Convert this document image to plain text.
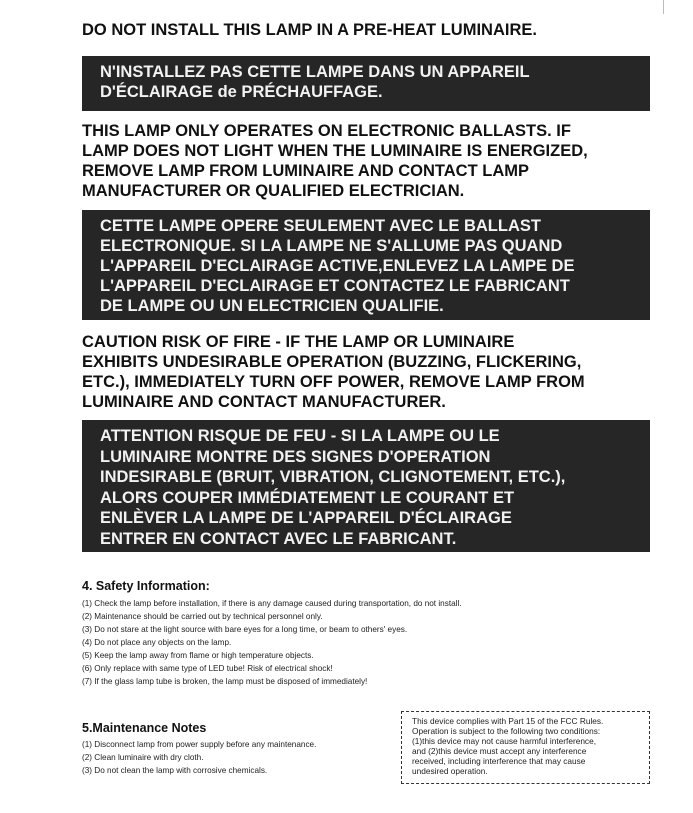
DO NOT INSTALL THIS LAMP IN A PRE-HEAT LUMINAIRE.

N'INSTALLEZ PAS CETTE LAMPE DANS UN APPAREIL
D'ÉCLAIRAGE de PRÉCHAUFFAGE.

THIS LAMP ONLY OPERATES ON ELECTRONIC BALLASTS. IF
LAMP DOES NOT LIGHT WHEN THE LUMINAIRE IS ENERGIZED,
REMOVE LAMP FROM LUMINAIRE AND CONTACT LAMP
MANUFACTURER OR QUALIFIED ELECTRICIAN.

CETTE LAMPE OPERE SEULEMENT AVEC LE BALLAST
ELECTRONIQUE. SI LA LAMPE NE S'ALLUME PAS QUAND
L'APPAREIL D'ECLAIRAGE ACTIVE,ENLEVEZ LA LAMPE DE
L'APPAREIL D'ECLAIRAGE ET CONTACTEZ LE FABRICANT
DE LAMPE OU UN ELECTRICIEN QUALIFIE.

CAUTION RISK OF FIRE - IF THE LAMP OR LUMINAIRE
EXHIBITS UNDESIRABLE OPERATION (BUZZING, FLICKERING,
ETC.), IMMEDIATELY TURN OFF POWER, REMOVE LAMP FROM
LUMINAIRE AND CONTACT MANUFACTURER.

ATTENTION RISQUE DE FEU - SI LA LAMPE OU LE
LUMINAIRE MONTRE DES SIGNES D'OPERATION
INDESIRABLE (BRUIT, VIBRATION, CLIGNOTEMENT, ETC.),
ALORS COUPER IMMÉDIATEMENT LE COURANT ET
ENLÈVER LA LAMPE DE L'APPAREIL D'ÉCLAIRAGE
ENTRER EN CONTACT AVEC LE FABRICANT.

4. Safety Information:

(1) Check the lamp before installation, if there is any damage caused during transportation, do not install.
(2) Maintenance should be carried out by technical personnel only.
(3) Do not stare at the light source with bare eyes for a long time, or beam to others' eyes.
(4) Do not place any objects on the lamp.
(5) Keep the lamp away from flame or high temperature objects.
(6) Only replace with same type of LED tube! Risk of electrical shock!
(7) If the glass lamp tube is broken, the lamp must be disposed of immediately!

5.Maintenance Notes

(1) Disconnect lamp from power supply before any maintenance.
(2) Clean luminaire with dry cloth.
(3) Do not clean the lamp with corrosive chemicals.

This device complies with Part 15 of the FCC Rules.
Operation is subject to the following two conditions:
(1)this device may not cause harmful interference,
and (2)this device must accept any interference
received, including interference that may cause
undesired operation.
